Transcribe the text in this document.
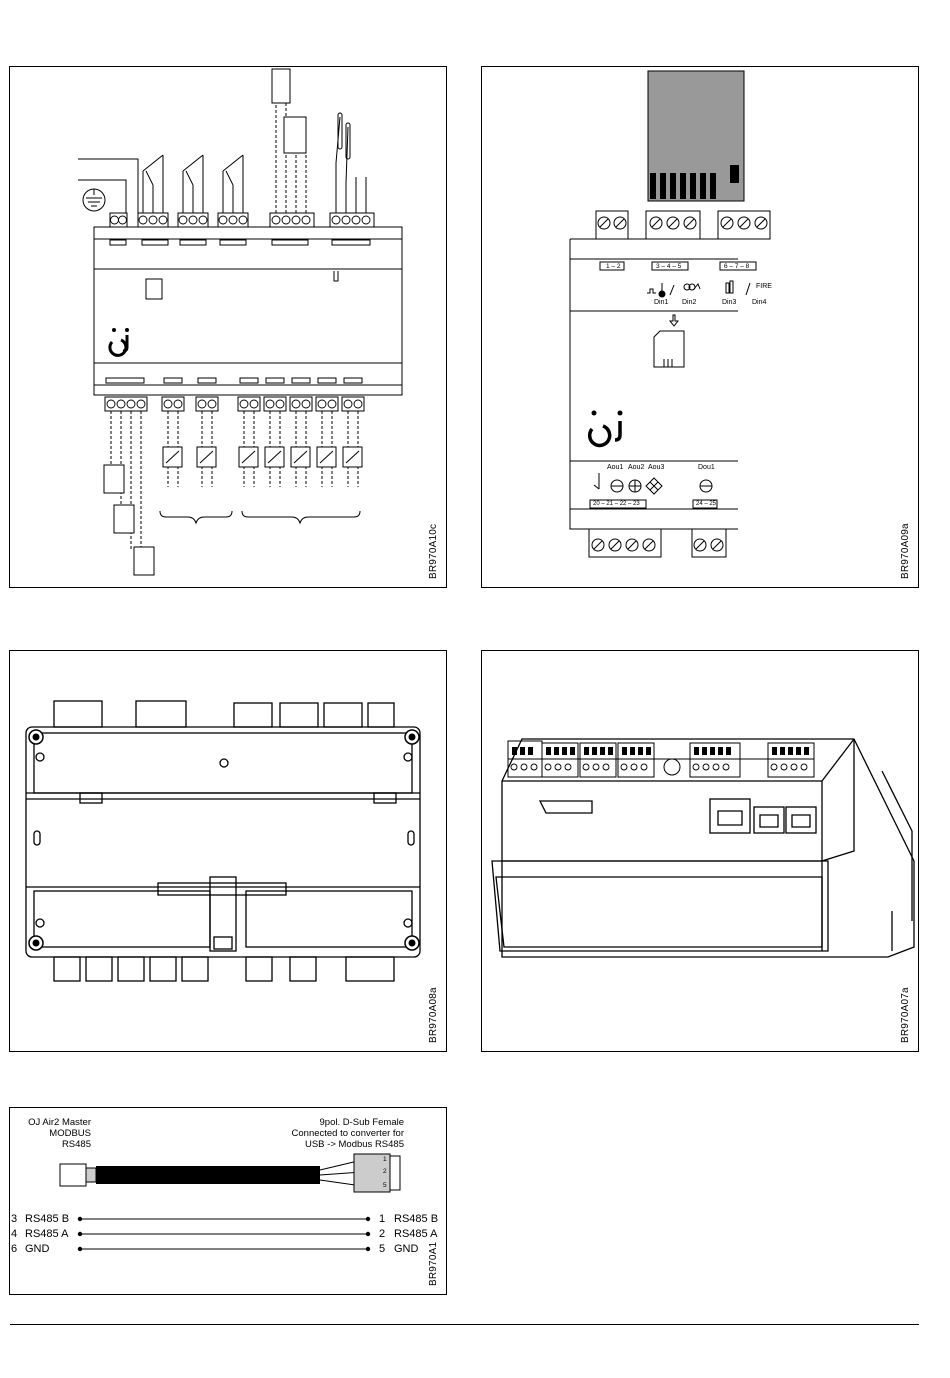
BR970A10c
1 – 2	3 – 4 – 5	6 – 7 – 8
Din1 Din2	Din3 Din4
FIRE
Aou1 Aou2 Aou3	Dou1
20 – 21 – 22 – 23	24 – 25
BR970A09a
BR970A08a	BR970A07a
OJ Air2 Master
MODBUS
RS485
9pol. D-Sub Female
Connected to converter for
USB -> Modbus RS485
1
2
5
3 RS485 B	1 RS485 B
4 RS485 A	2 RS485 A
6 GND	5 GND BR970A1
